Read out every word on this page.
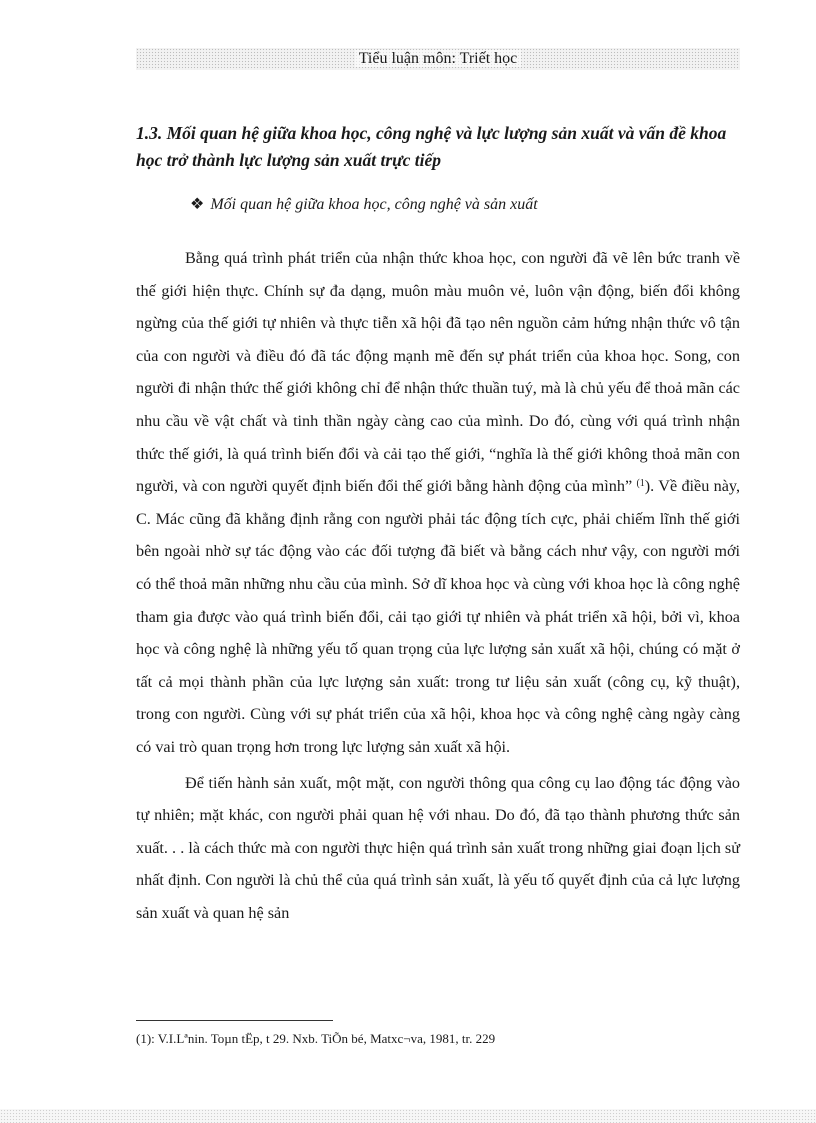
Tiểu luận môn: Triết học
1.3. Mối quan hệ giữa khoa học, công nghệ và lực lượng sản xuất và vấn đề khoa học trở thành lực lượng sản xuất trực tiếp
❖ Mối quan hệ giữa khoa học, công nghệ và sản xuất

Bằng quá trình phát triển của nhận thức khoa học, con người đã vẽ lên bức tranh về thế giới hiện thực. Chính sự đa dạng, muôn màu muôn vẻ, luôn vận động, biến đổi không ngừng của thế giới tự nhiên và thực tiễn xã hội đã tạo nên nguồn cảm hứng nhận thức vô tận của con người và điều đó đã tác động mạnh mẽ đến sự phát triển của khoa học. Song, con người đi nhận thức thế giới không chỉ để nhận thức thuần tuý, mà là chủ yếu để thoả mãn các nhu cầu về vật chất và tinh thần ngày càng cao của mình. Do đó, cùng với quá trình nhận thức thế giới, là quá trình biến đổi và cải tạo thế giới, “nghĩa là thế giới không thoả mãn con người, và con người quyết định biến đổi thế giới bằng hành động của mình” $^{(1}$). Về điều này, C. Mác cũng đã khẳng định rằng con người phải tác động tích cực, phải chiếm lĩnh thế giới bên ngoài nhờ sự tác động vào các đối tượng đã biết và bằng cách như vậy, con người mới có thể thoả mãn những nhu cầu của mình. Sở dĩ khoa học và cùng với khoa học là công nghệ tham gia được vào quá trình biến đổi, cải tạo giới tự nhiên và phát triển xã hội, bởi vì, khoa học và công nghệ là những yếu tố quan trọng của lực lượng sản xuất xã hội, chúng có mặt ở tất cả mọi thành phần của lực lượng sản xuất: trong tư liệu sản xuất (công cụ, kỹ thuật), trong con người. Cùng với sự phát triển của xã hội, khoa học và công nghệ càng ngày càng có vai trò quan trọng hơn trong lực lượng sản xuất xã hội.

Để tiến hành sản xuất, một mặt, con người thông qua công cụ lao động tác động vào tự nhiên; mặt khác, con người phải quan hệ với nhau. Do đó, đã tạo thành phương thức sản xuất. . . là cách thức mà con người thực hiện quá trình sản xuất trong những giai đoạn lịch sử nhất định. Con người là chủ thể của quá trình sản xuất, là yếu tố quyết định của cả lực lượng sản xuất và quan hệ sản

(1): V.I.Lªnin. Toµn tËp, t 29. Nxb. TiÕn bé, Matxc¬va, 1981, tr. 229
